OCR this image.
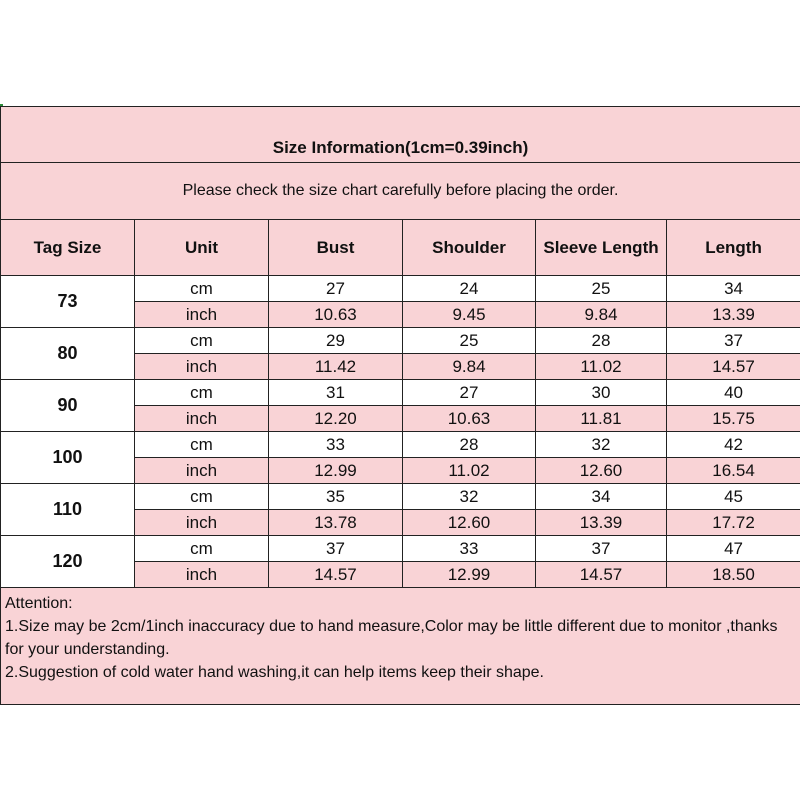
Size Information(1cm=0.39inch)					
Please check the size chart carefully before placing the order.					
Tag Size	Unit	Bust	Shoulder	Sleeve Length	Length
73	cm	27	24	25	34
	inch	10.63	9.45	9.84	13.39
80	cm	29	25	28	37
	inch	11.42	9.84	11.02	14.57
90	cm	31	27	30	40
	inch	12.20	10.63	11.81	15.75
100	cm	33	28	32	42
	inch	12.99	11.02	12.60	16.54
110	cm	35	32	34	45
	inch	13.78	12.60	13.39	17.72
120	cm	37	33	37	47
	inch	14.57	12.99	14.57	18.50

Attention:
1.Size may be 2cm/1inch inaccuracy due to hand measure,Color may be little different due to monitor ,thanks for your understanding.
2.Suggestion of cold water hand washing,it can help items keep their shape.					
